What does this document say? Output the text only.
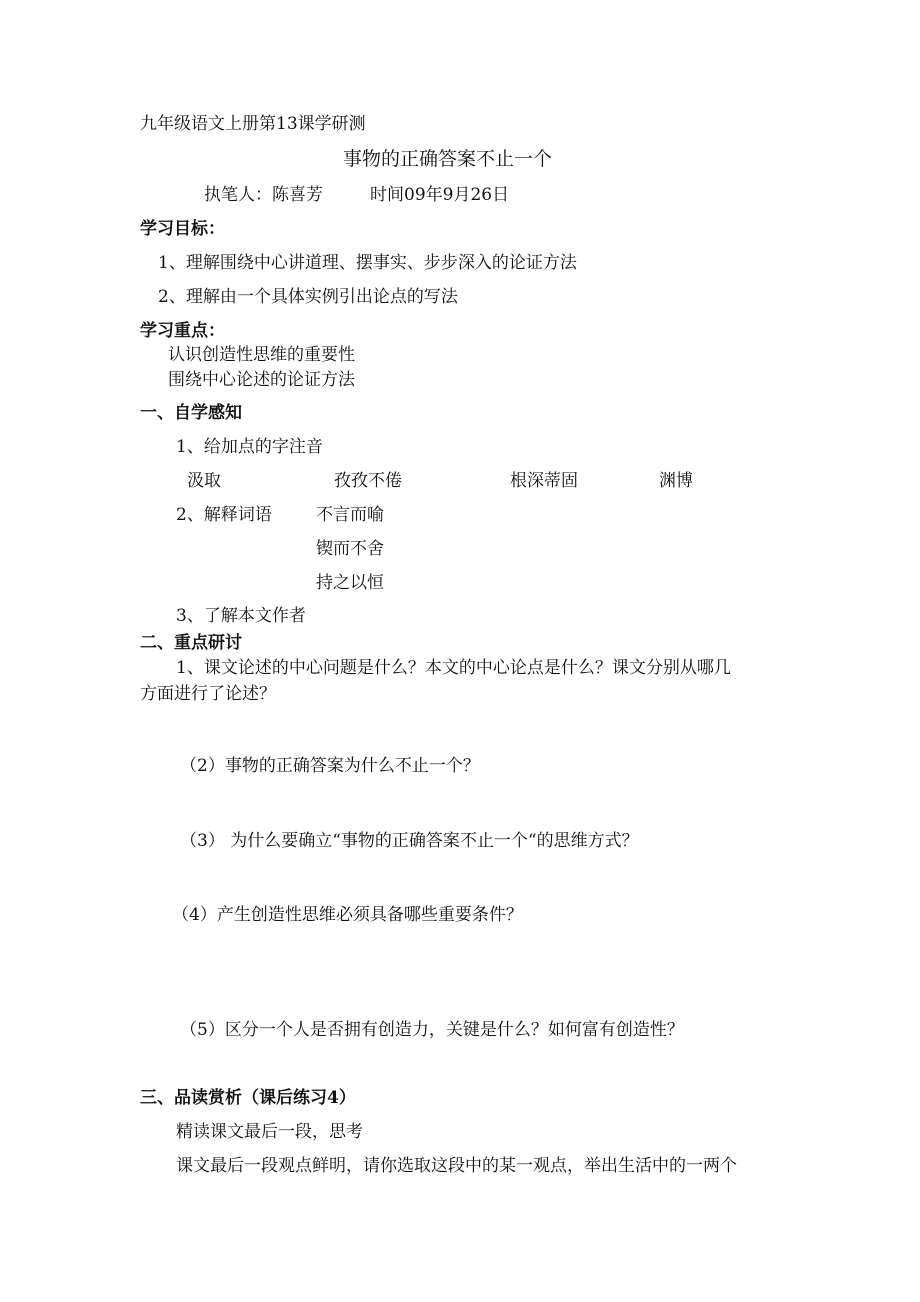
九年级语文上册第13课学研测
事物的正确答案不止一个
执笔人：陈喜芳	时间09年9月26日
学习目标：
1、理解围绕中心讲道理、摆事实、步步深入的论证方法
2、理解由一个具体实例引出论点的写法
学习重点：
认识创造性思维的重要性
围绕中心论述的论证方法
一、自学感知
1、给加点的字注音
汲取	孜孜不倦	根深蒂固	渊博
2、解释词语	不言而喻
锲而不舍
持之以恒
3、了解本文作者
二、重点研讨
1、课文论述的中心问题是什么？本文的中心论点是什么？课文分别从哪几
方面进行了论述？
（2）事物的正确答案为什么不止一个？
（3） 为什么要确立“事物的正确答案不止一个“的思维方式？
（4）产生创造性思维必须具备哪些重要条件？
（5）区分一个人是否拥有创造力，关键是什么？如何富有创造性？
三、品读赏析（课后练习4）
精读课文最后一段，思考
课文最后一段观点鲜明，请你选取这段中的某一观点，举出生活中的一两个
